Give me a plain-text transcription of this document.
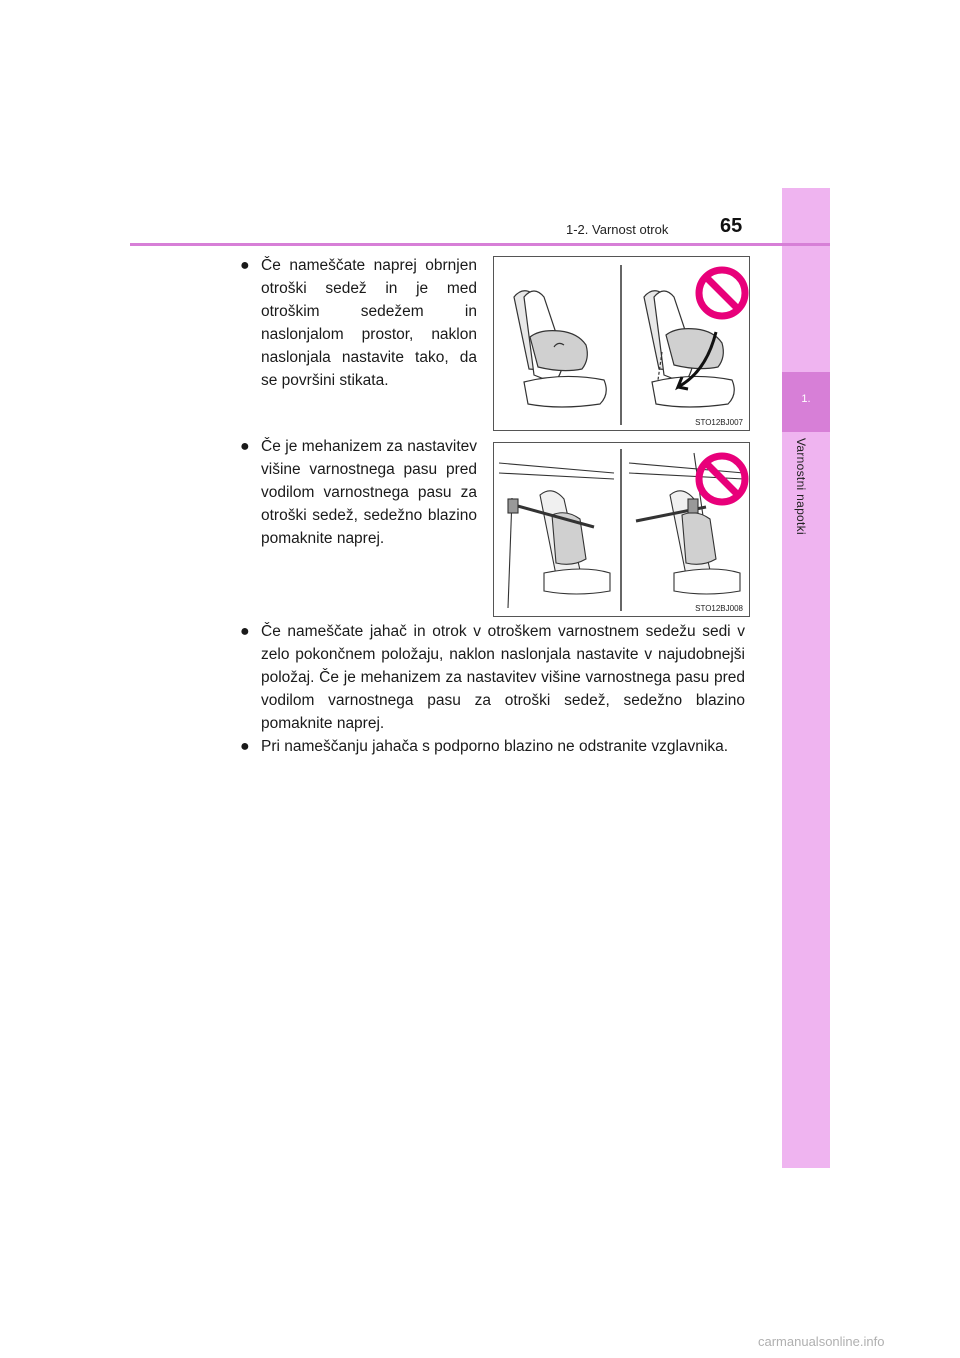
1.
Varnostni napotki
1-2. Varnost otrok	65
● Če nameščate naprej obrnjen otroški sedež in je med otroškim sedežem in naslonjalom prostor, naklon naslonjala nastavite tako, da se površini stikata.
STO12BJ007
● Če je mehanizem za nastavitev višine varnostnega pasu pred vodilom varnostnega pasu za otroški sedež, sedežno blazino pomaknite naprej.
STO12BJ008
● Če nameščate jahač in otrok v otroškem varnostnem sedežu sedi v zelo pokončnem položaju, naklon naslonjala nastavite v najudobnejši položaj. Če je mehanizem za nastavitev višine varnostnega pasu pred vodilom varnostnega pasu za otroški sedež, sedežno blazino pomaknite naprej.
● Pri nameščanju jahača s podporno blazino ne odstranite vzglavnika.
carmanualsonline.info
